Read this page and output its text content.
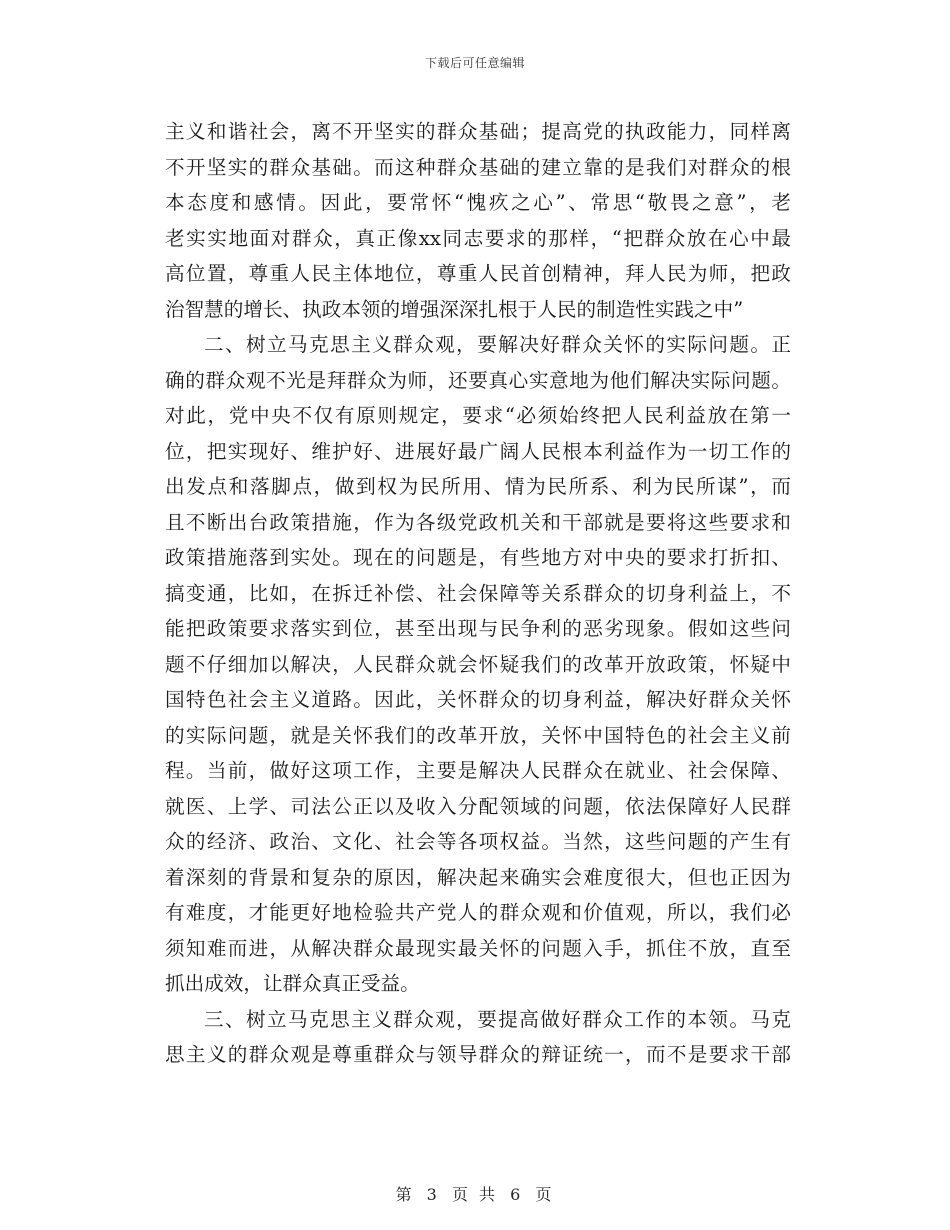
下载后可任意编辑
主义和谐社会，离不开坚实的群众基础；提高党的执政能力，同样离
不开坚实的群众基础。而这种群众基础的建立靠的是我们对群众的根
本态度和感情。因此，要常怀“愧疚之心”、常思“敬畏之意”，老
老实实地面对群众，真正像xx同志要求的那样，“把群众放在心中最
高位置，尊重人民主体地位，尊重人民首创精神，拜人民为师，把政
治智慧的增长、执政本领的增强深深扎根于人民的制造性实践之中”
二、树立马克思主义群众观，要解决好群众关怀的实际问题。正
确的群众观不光是拜群众为师，还要真心实意地为他们解决实际问题。
对此，党中央不仅有原则规定，要求“必须始终把人民利益放在第一
位，把实现好、维护好、进展好最广阔人民根本利益作为一切工作的
出发点和落脚点，做到权为民所用、情为民所系、利为民所谋”，而
且不断出台政策措施，作为各级党政机关和干部就是要将这些要求和
政策措施落到实处。现在的问题是，有些地方对中央的要求打折扣、
搞变通，比如，在拆迁补偿、社会保障等关系群众的切身利益上，不
能把政策要求落实到位，甚至出现与民争利的恶劣现象。假如这些问
题不仔细加以解决，人民群众就会怀疑我们的改革开放政策，怀疑中
国特色社会主义道路。因此，关怀群众的切身利益，解决好群众关怀
的实际问题，就是关怀我们的改革开放，关怀中国特色的社会主义前
程。当前，做好这项工作，主要是解决人民群众在就业、社会保障、
就医、上学、司法公正以及收入分配领域的问题，依法保障好人民群
众的经济、政治、文化、社会等各项权益。当然，这些问题的产生有
着深刻的背景和复杂的原因，解决起来确实会难度很大，但也正因为
有难度，才能更好地检验共产党人的群众观和价值观，所以，我们必
须知难而进，从解决群众最现实最关怀的问题入手，抓住不放，直至
抓出成效，让群众真正受益。
三、树立马克思主义群众观，要提高做好群众工作的本领。马克
思主义的群众观是尊重群众与领导群众的辩证统一，而不是要求干部
第 3 页 共 6 页
